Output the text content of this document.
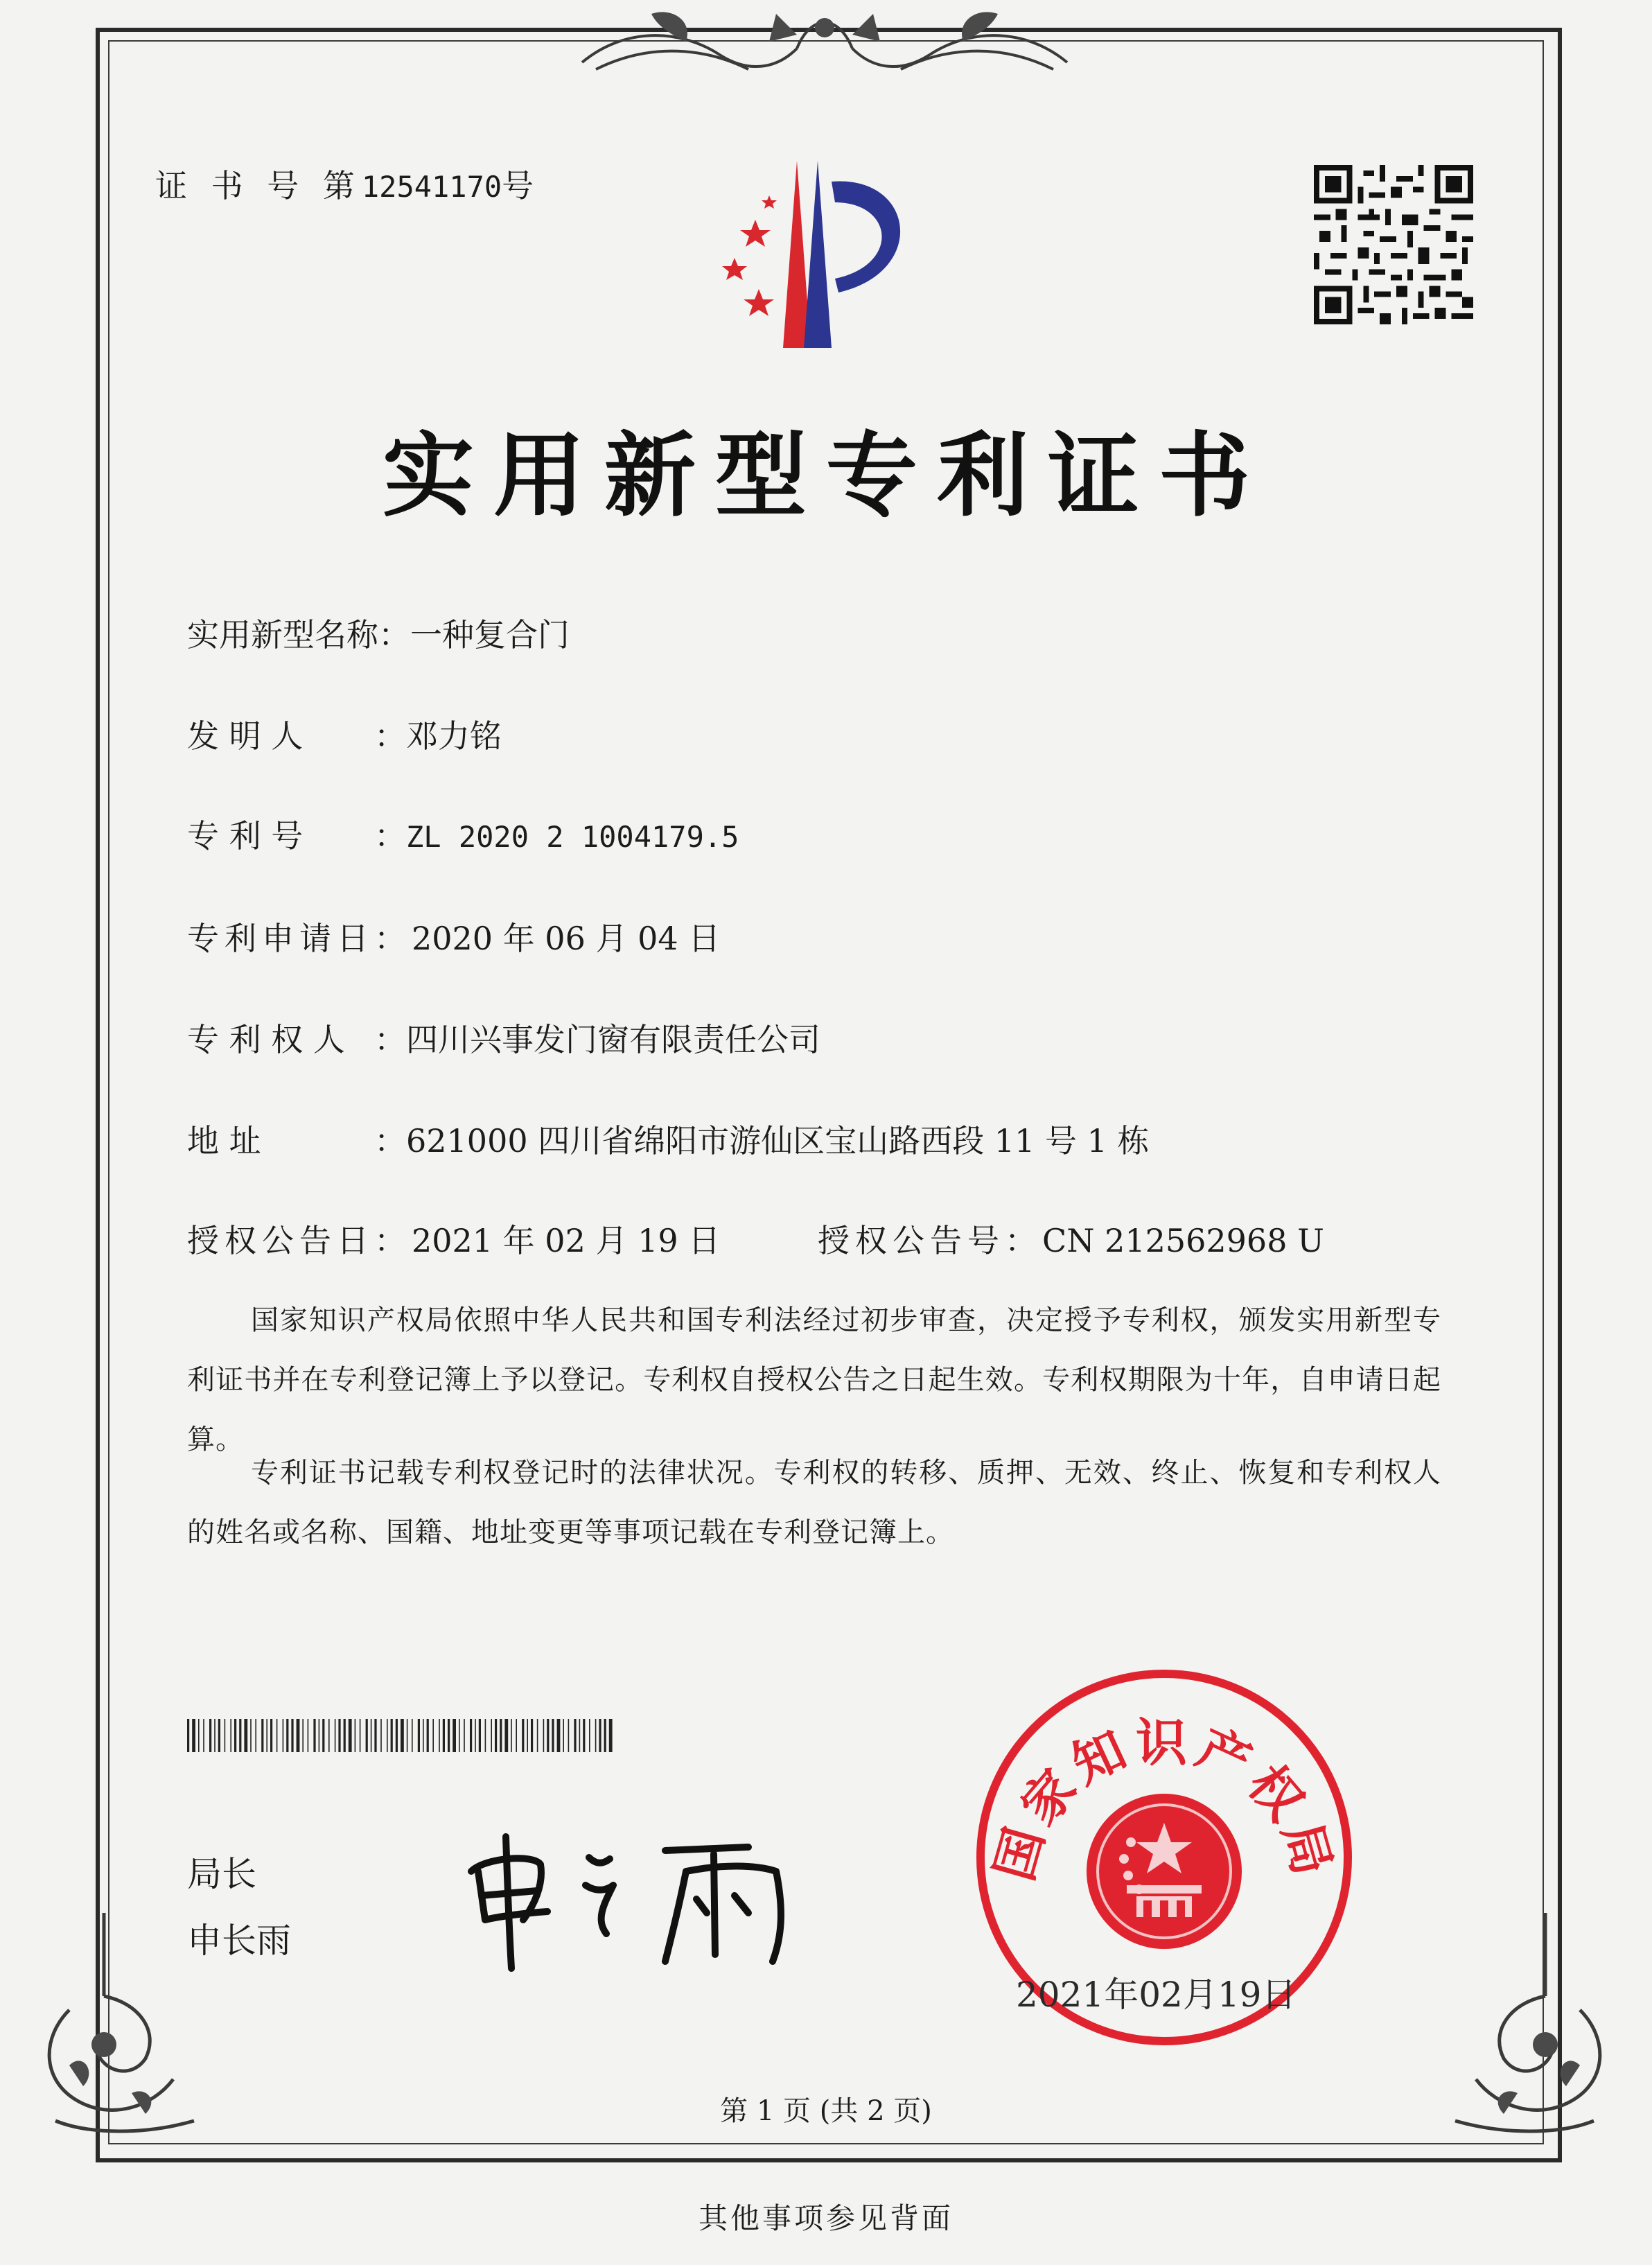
证 书 号 第12541170号
实用新型专利证书
实用新型名称：一种复合门
发 明 人 ：邓力铭
专 利 号 ：ZL 2020 2 1004179.5
专利申请日：2020 年 06 月 04 日
专 利 权 人 ：四川兴事发门窗有限责任公司
地 址	：621000 四川省绵阳市游仙区宝山路西段 11 号 1 栋
授权公告日：2021 年 02 月 19 日	授权公告号：CN 212562968 U
国家知识产权局依照中华人民共和国专利法经过初步审查，决定授予专利权，颁发实用新型专利证书并在专利登记簿上予以登记。专利权自授权公告之日起生效。专利权期限为十年，自申请日起算。
专利证书记载专利权登记时的法律状况。专利权的转移、质押、无效、终止、恢复和专利权人的姓名或名称、国籍、地址变更等事项记载在专利登记簿上。
局长
申长雨
国家知识产权局
2021年02月19日
第 1 页 (共 2 页)
其他事项参见背面
